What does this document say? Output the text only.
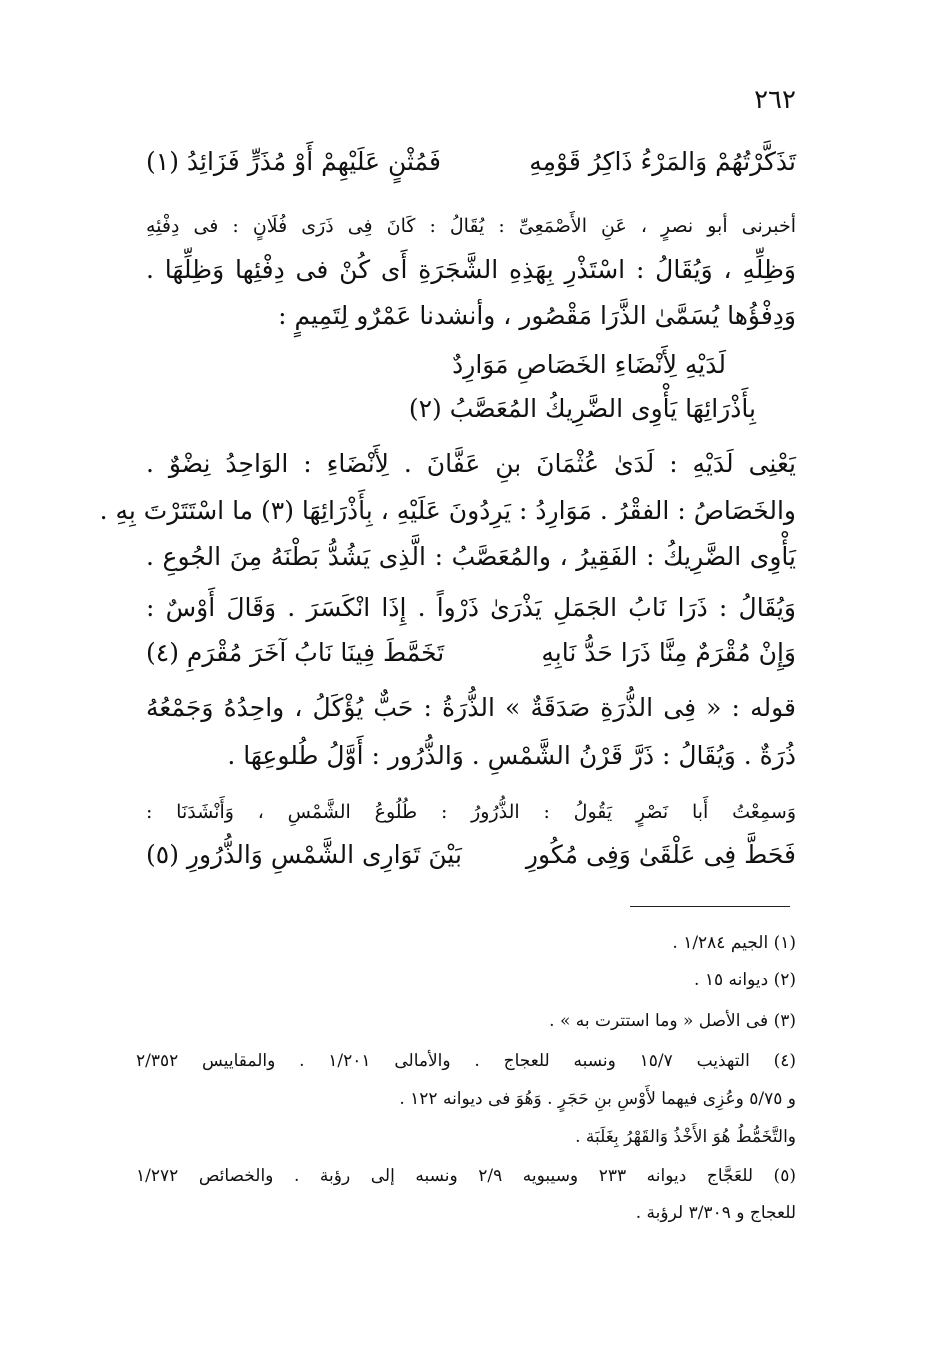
٢٦٢
تَذَكَّرْتُهُمْ وَالمَرْءُ ذَاكِرُ قَوْمِهِ
فَمُثْنٍ عَلَيْهِمْ أَوْ مُذَرٍّ فَزَائِدُ (١)
أخبرنى أبو نصرٍ ، عَنِ الأَصْمَعِىِّ : يُقَالُ : كَانَ فِى ذَرَى فُلَانٍ : فى دِفْئِهِ
وَظِلِّهِ ، وَيُقَالُ : اسْتَذْرِ بِهَذِهِ الشَّجَرَةِ أَى كُنْ فى دِفْئِها وَظِلِّهَا .
وَدِفْؤُها يُسَمَّىٰ الذَّرَا مَقْصُور ، وأنشدنا عَمْرٌو لِتَمِيمٍ :
لَدَيْهِ لِأَنْضَاءِ الخَصَاصِ مَوَارِدٌ
بِأَذْرَائِهَا يَأْوِى الضَّرِيكُ المُعَصَّبُ (٢)
يَعْنِى لَدَيْهِ : لَدَىٰ عُثْمَانَ بنِ عَفَّانَ . لِأَنْضَاءِ : الوَاحِدُ نِضْوٌ .
والخَصَاصُ : الفقْرُ . مَوَارِدُ : يَرِدُونَ عَلَيْهِ ، بِأَذْرَائِهَا (٣) ما اسْتَتَرْتَ بِهِ .
يَأْوِى الضَّرِيكُ : الفَقِيرُ ، والمُعَصَّبُ : الَّذِى يَشُدُّ بَطْنَهُ مِنَ الجُوعِ .
وَيُقَالُ : ذَرَا نَابُ الجَمَلِ يَذْرَىٰ ذَرْواً . إِذَا انْكَسَرَ . وَقَالَ أَوْسٌ :
وَإِنْ مُقْرَمٌ مِنَّا ذَرَا حَدُّ نَابِهِ
تَخَمَّطَ فِينَا نَابُ آخَرَ مُقْرَمِ (٤)
قوله : « فِى الذُّرَةِ صَدَقَةٌ » الذُّرَةُ : حَبٌّ يُؤْكَلُ ، واحِدُهُ وَجَمْعُهُ
ذُرَةٌ . وَيُقَالُ : ذَرَّ قَرْنُ الشَّمْسِ . وَالذُّرُور : أَوَّلُ طُلوعِهَا .
وَسمِعْتُ أَبا نَصْرٍ يَقُولُ : الذُّرُورُ : طُلُوعُ الشَّمْسِ ، وَأَنْشَدَنَا :
فَحَطَّ فِى عَلْقَىٰ وَفِى مُكُورِ
بَيْنَ تَوَارِى الشَّمْسِ وَالذُّرُورِ (٥)
(١) الجيم ١/٢٨٤ .
(٢) ديوانه ١٥ .
(٣) فى الأصل « وما استترت به » .
(٤) التهذيب ١٥/٧ ونسبه للعجاج . والأمالى ١/٢٠١ . والمقاييس ٢/٣٥٢
و ٥/٧٥ وعُزِى فيهما لأَوْسِ بنِ حَجَرٍ . وَهُوَ فى ديوانه ١٢٢ .
والتَّخَمُّطُ هُوَ الأَخْذُ وَالقَهْرُ بِغَلَبَة .
(٥) للعَجَّاج ديوانه ٢٣٣ وسيبويه ٢/٩ ونسبه إلى رؤبة . والخصائص ١/٢٧٢
للعجاج و ٣/٣٠٩ لرؤبة .
